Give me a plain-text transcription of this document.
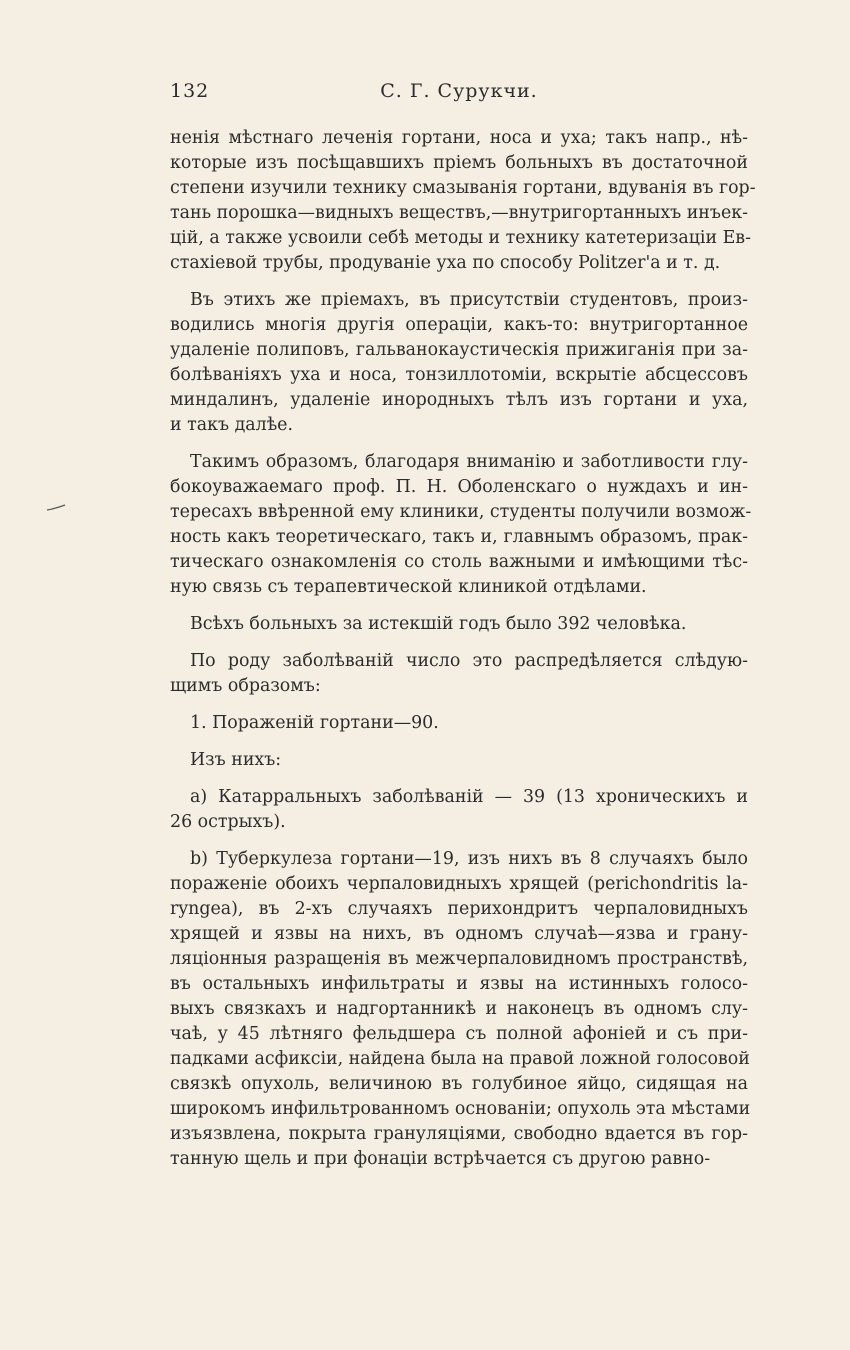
132	С. Г. Сурукчи.
ненія мѣстнаго леченія гортани, носа и уха; такъ напр., нѣ-
которые изъ посѣщавшихъ пріемъ больныхъ въ достаточной
степени изучили технику смазыванія гортани, вдуванія въ гор-
тань порошка—видныхъ веществъ,—внутригортанныхъ инъек-
цій, а также усвоили себѣ методы и технику катетеризаціи Ев-
стахіевой трубы, продуваніе уха по способу Politzer'а и т. д.
Въ этихъ же пріемахъ, въ присутствіи студентовъ, произ-
водились многія другія операціи, какъ-то: внутригортанное
удаленіе полиповъ, гальванокаустическія прижиганія при за-
болѣваніяхъ уха и носа, тонзиллотоміи, вскрытіе абсцессовъ
миндалинъ, удаленіе инородныхъ тѣлъ изъ гортани и уха,
и такъ далѣе.
Такимъ образомъ, благодаря вниманію и заботливости глу-
бокоуважаемаго проф. П. Н. Оболенскаго о нуждахъ и ин-
тересахъ ввѣренной ему клиники, студенты получили возмож-
ность какъ теоретическаго, такъ и, главнымъ образомъ, прак-
тическаго ознакомленія со столь важными и имѣющими тѣс-
ную связь съ терапевтической клиникой отдѣлами.
Всѣхъ больныхъ за истекшій годъ было 392 человѣка.
По роду заболѣваній число это распредѣляется слѣдую-
щимъ образомъ:
1. Пораженій гортани—90.
Изъ нихъ:
a) Катарральныхъ заболѣваній — 39 (13 хроническихъ и
26 острыхъ).
b) Туберкулеза гортани—19, изъ нихъ въ 8 случаяхъ было
пораженіе обоихъ черпаловидныхъ хрящей (perichondritis la-
ryngea), въ 2-хъ случаяхъ перихондритъ черпаловидныхъ
хрящей и язвы на нихъ, въ одномъ случаѣ—язва и грану-
ляціонныя разращенія въ межчерпаловидномъ пространствѣ,
въ остальныхъ инфильтраты и язвы на истинныхъ голосо-
выхъ связкахъ и надгортанникѣ и наконецъ въ одномъ слу-
чаѣ, у 45 лѣтняго фельдшера съ полной афоніей и съ при-
падками асфиксіи, найдена была на правой ложной голосовой
связкѣ опухоль, величиною въ голубиное яйцо, сидящая на
широкомъ инфильтрованномъ основаніи; опухоль эта мѣстами
изъязвлена, покрыта грануляціями, свободно вдается въ гор-
танную щель и при фонаціи встрѣчается съ другою равно-
